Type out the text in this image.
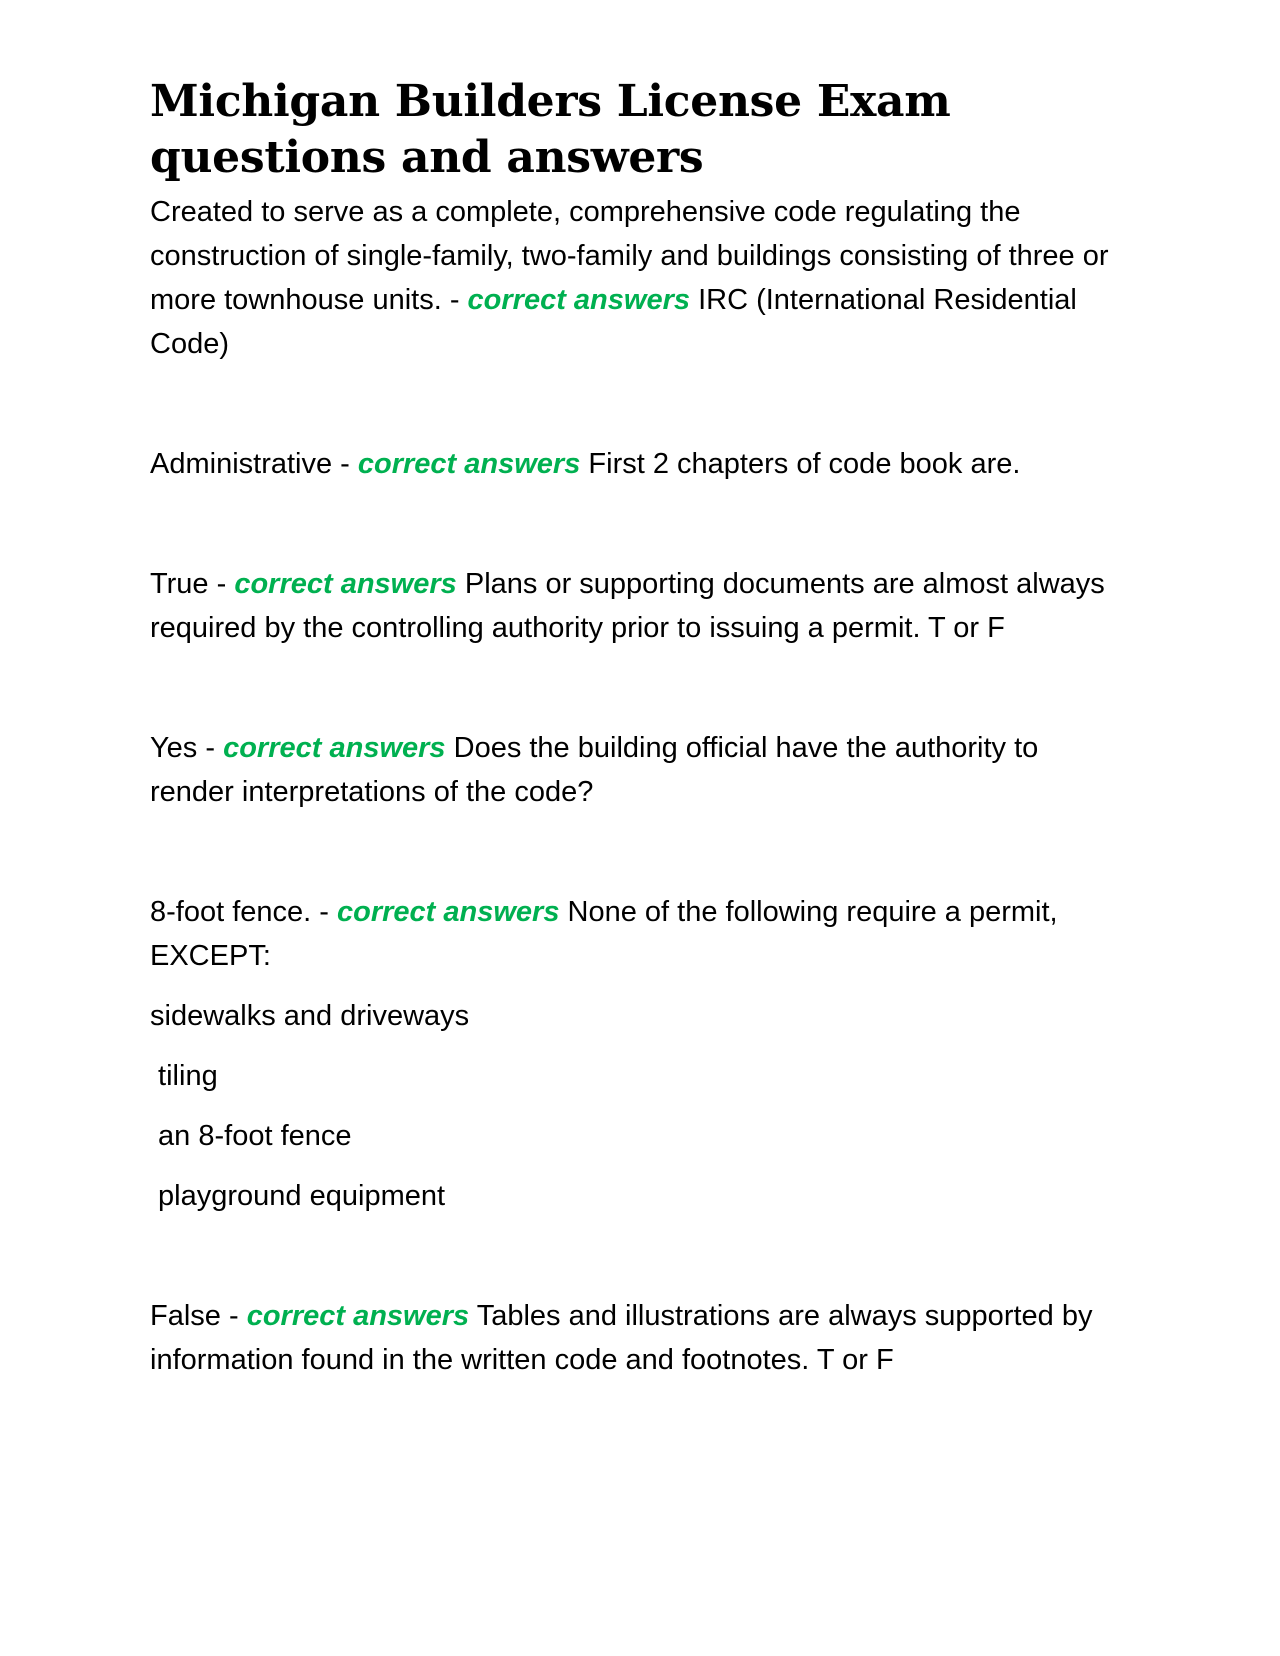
Michigan Builders License Exam questions and answers

Created to serve as a complete, comprehensive code regulating the construction of single-family, two-family and buildings consisting of three or more townhouse units. - correct answers IRC (International Residential Code)

Administrative - correct answers First 2 chapters of code book are.

True - correct answers Plans or supporting documents are almost always required by the controlling authority prior to issuing a permit. T or F

Yes - correct answers Does the building official have the authority to render interpretations of the code?

8-foot fence. - correct answers None of the following require a permit, EXCEPT:

sidewalks and driveways

tiling

an 8-foot fence

playground equipment

False - correct answers Tables and illustrations are always supported by information found in the written code and footnotes. T or F
